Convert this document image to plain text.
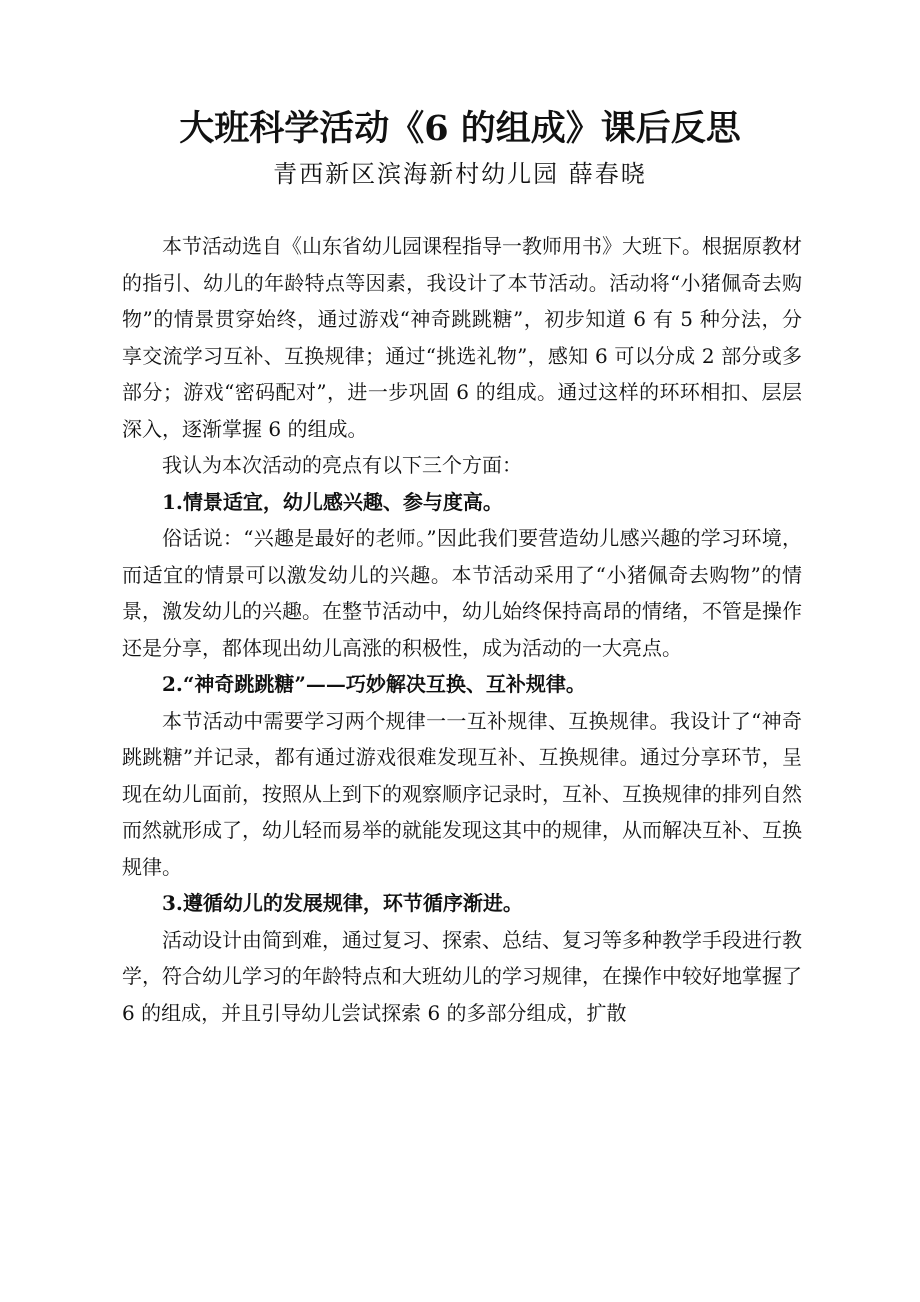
大班科学活动《6 的组成》课后反思
青西新区滨海新村幼儿园 薛春晓

本节活动选自《山东省幼儿园课程指导一教师用书》大班下。根据原教材的指引、幼儿的年龄特点等因素，我设计了本节活动。活动将“小猪佩奇去购物”的情景贯穿始终，通过游戏“神奇跳跳糖”，初步知道 6 有 5 种分法，分享交流学习互补、互换规律；通过“挑选礼物”，感知 6 可以分成 2 部分或多部分；游戏“密码配对”，进一步巩固 6 的组成。通过这样的环环相扣、层层深入，逐渐掌握 6 的组成。

我认为本次活动的亮点有以下三个方面：

1.情景适宜，幼儿感兴趣、参与度高。

俗话说：“兴趣是最好的老师。”因此我们要营造幼儿感兴趣的学习环境，而适宜的情景可以激发幼儿的兴趣。本节活动采用了“小猪佩奇去购物”的情景，激发幼儿的兴趣。在整节活动中，幼儿始终保持高昂的情绪，不管是操作还是分享，都体现出幼儿高涨的积极性，成为活动的一大亮点。

2.“神奇跳跳糖”——巧妙解决互换、互补规律。

本节活动中需要学习两个规律一一互补规律、互换规律。我设计了“神奇跳跳糖”并记录，都有通过游戏很难发现互补、互换规律。通过分享环节，呈现在幼儿面前，按照从上到下的观察顺序记录时，互补、互换规律的排列自然而然就形成了，幼儿轻而易举的就能发现这其中的规律，从而解决互补、互换规律。

3.遵循幼儿的发展规律，环节循序渐进。

活动设计由简到难，通过复习、探索、总结、复习等多种教学手段进行教学，符合幼儿学习的年龄特点和大班幼儿的学习规律，在操作中较好地掌握了 6 的组成，并且引导幼儿尝试探索 6 的多部分组成，扩散
